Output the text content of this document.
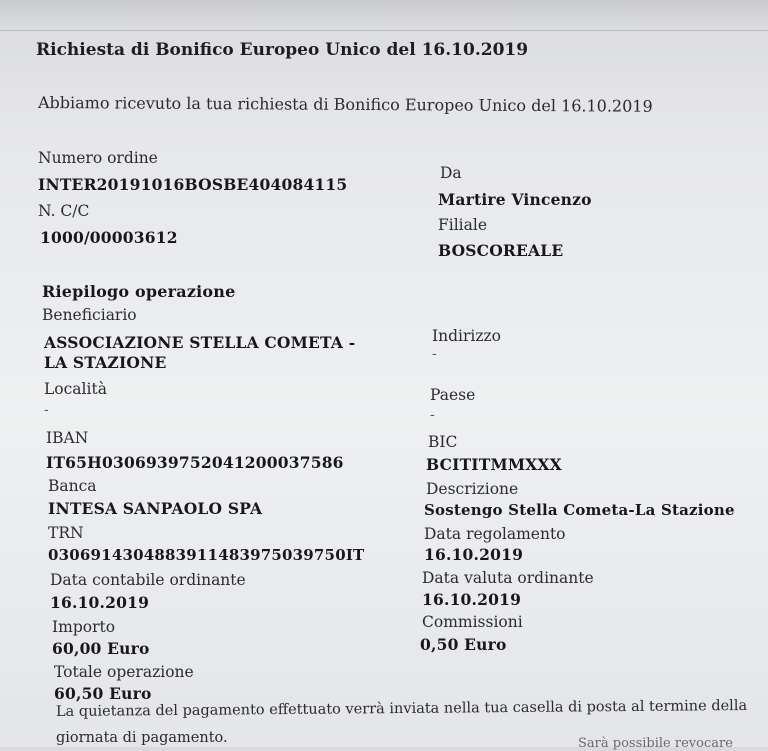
Richiesta di Bonifico Europeo Unico del 16.10.2019
Abbiamo ricevuto la tua richiesta di Bonifico Europeo Unico del 16.10.2019
Numero ordine
INTER20191016BOSBE404084115
N. C/C
1000/00003612
Da
Martire Vincenzo
Filiale
BOSCOREALE
Riepilogo operazione
Beneficiario
ASSOCIAZIONE STELLA COMETA -
LA STAZIONE
Indirizzo
-
Località
-
Paese
-
IBAN
IT65H0306939752041200037586
BIC
BCITITMMXXX
Banca
INTESA SANPAOLO SPA
Descrizione
Sostengo Stella Cometa-La Stazione
TRN
0306914304883911483975039750IT
Data regolamento
16.10.2019
Data contabile ordinante
16.10.2019
Data valuta ordinante
16.10.2019
Importo
60,00 Euro
Commissioni
0,50 Euro
Totale operazione
60,50 Euro
La quietanza del pagamento effettuato verrà inviata nella tua casella di posta al termine della
giornata di pagamento.	Sarà possibile revocare
